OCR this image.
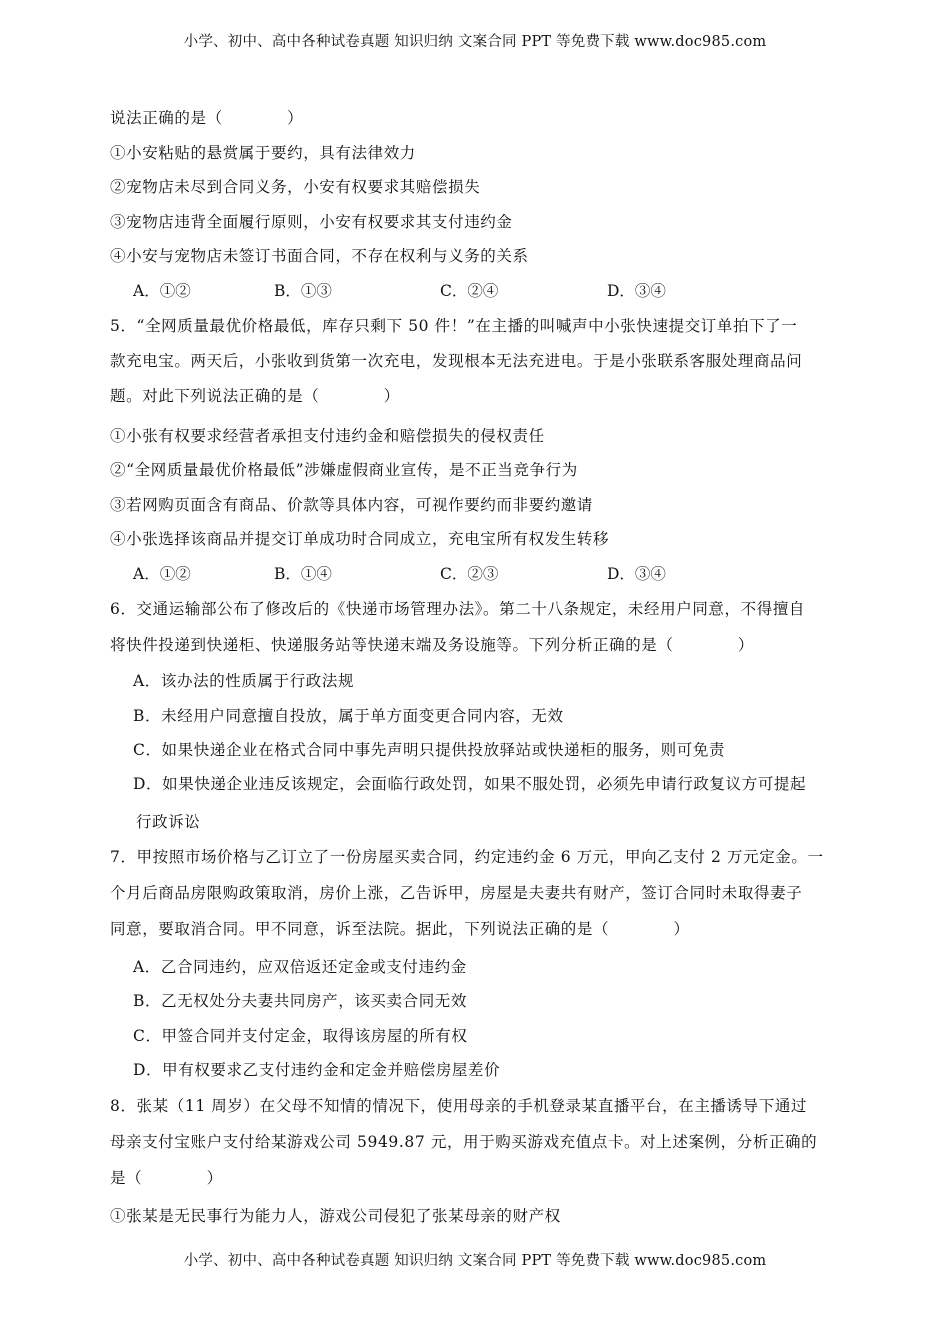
小学、初中、高中各种试卷真题 知识归纳 文案合同 PPT 等免费下载 www.doc985.com
说法正确的是（　　　　）
①小安粘贴的悬赏属于要约，具有法律效力
②宠物店未尽到合同义务，小安有权要求其赔偿损失
③宠物店违背全面履行原则，小安有权要求其支付违约金
④小安与宠物店未签订书面合同，不存在权利与义务的关系
A．①②	B．①③	C．②④	D．③④
5．“全网质量最优价格最低，库存只剩下 50 件！”在主播的叫喊声中小张快速提交订单拍下了一
款充电宝。两天后，小张收到货第一次充电，发现根本无法充进电。于是小张联系客服处理商品问
题。对此下列说法正确的是（　　　　）
①小张有权要求经营者承担支付违约金和赔偿损失的侵权责任
②“全网质量最优价格最低”涉嫌虚假商业宣传，是不正当竞争行为
③若网购页面含有商品、价款等具体内容，可视作要约而非要约邀请
④小张选择该商品并提交订单成功时合同成立，充电宝所有权发生转移
A．①②	B．①④	C．②③	D．③④
6．交通运输部公布了修改后的《快递市场管理办法》。第二十八条规定，未经用户同意，不得擅自
将快件投递到快递柜、快递服务站等快递末端及务设施等。下列分析正确的是（　　　　）
A．该办法的性质属于行政法规
B．未经用户同意擅自投放，属于单方面变更合同内容，无效
C．如果快递企业在格式合同中事先声明只提供投放驿站或快递柜的服务，则可免责
D．如果快递企业违反该规定，会面临行政处罚，如果不服处罚，必须先申请行政复议方可提起
行政诉讼
7．甲按照市场价格与乙订立了一份房屋买卖合同，约定违约金 6 万元，甲向乙支付 2 万元定金。一
个月后商品房限购政策取消，房价上涨，乙告诉甲，房屋是夫妻共有财产，签订合同时未取得妻子
同意，要取消合同。甲不同意，诉至法院。据此，下列说法正确的是（　　　　）
A．乙合同违约，应双倍返还定金或支付违约金
B．乙无权处分夫妻共同房产，该买卖合同无效
C．甲签合同并支付定金，取得该房屋的所有权
D．甲有权要求乙支付违约金和定金并赔偿房屋差价
8．张某（11 周岁）在父母不知情的情况下，使用母亲的手机登录某直播平台，在主播诱导下通过
母亲支付宝账户支付给某游戏公司 5949.87 元，用于购买游戏充值点卡。对上述案例，分析正确的
是（　　　　）
①张某是无民事行为能力人，游戏公司侵犯了张某母亲的财产权
小学、初中、高中各种试卷真题 知识归纳 文案合同 PPT 等免费下载 www.doc985.com
